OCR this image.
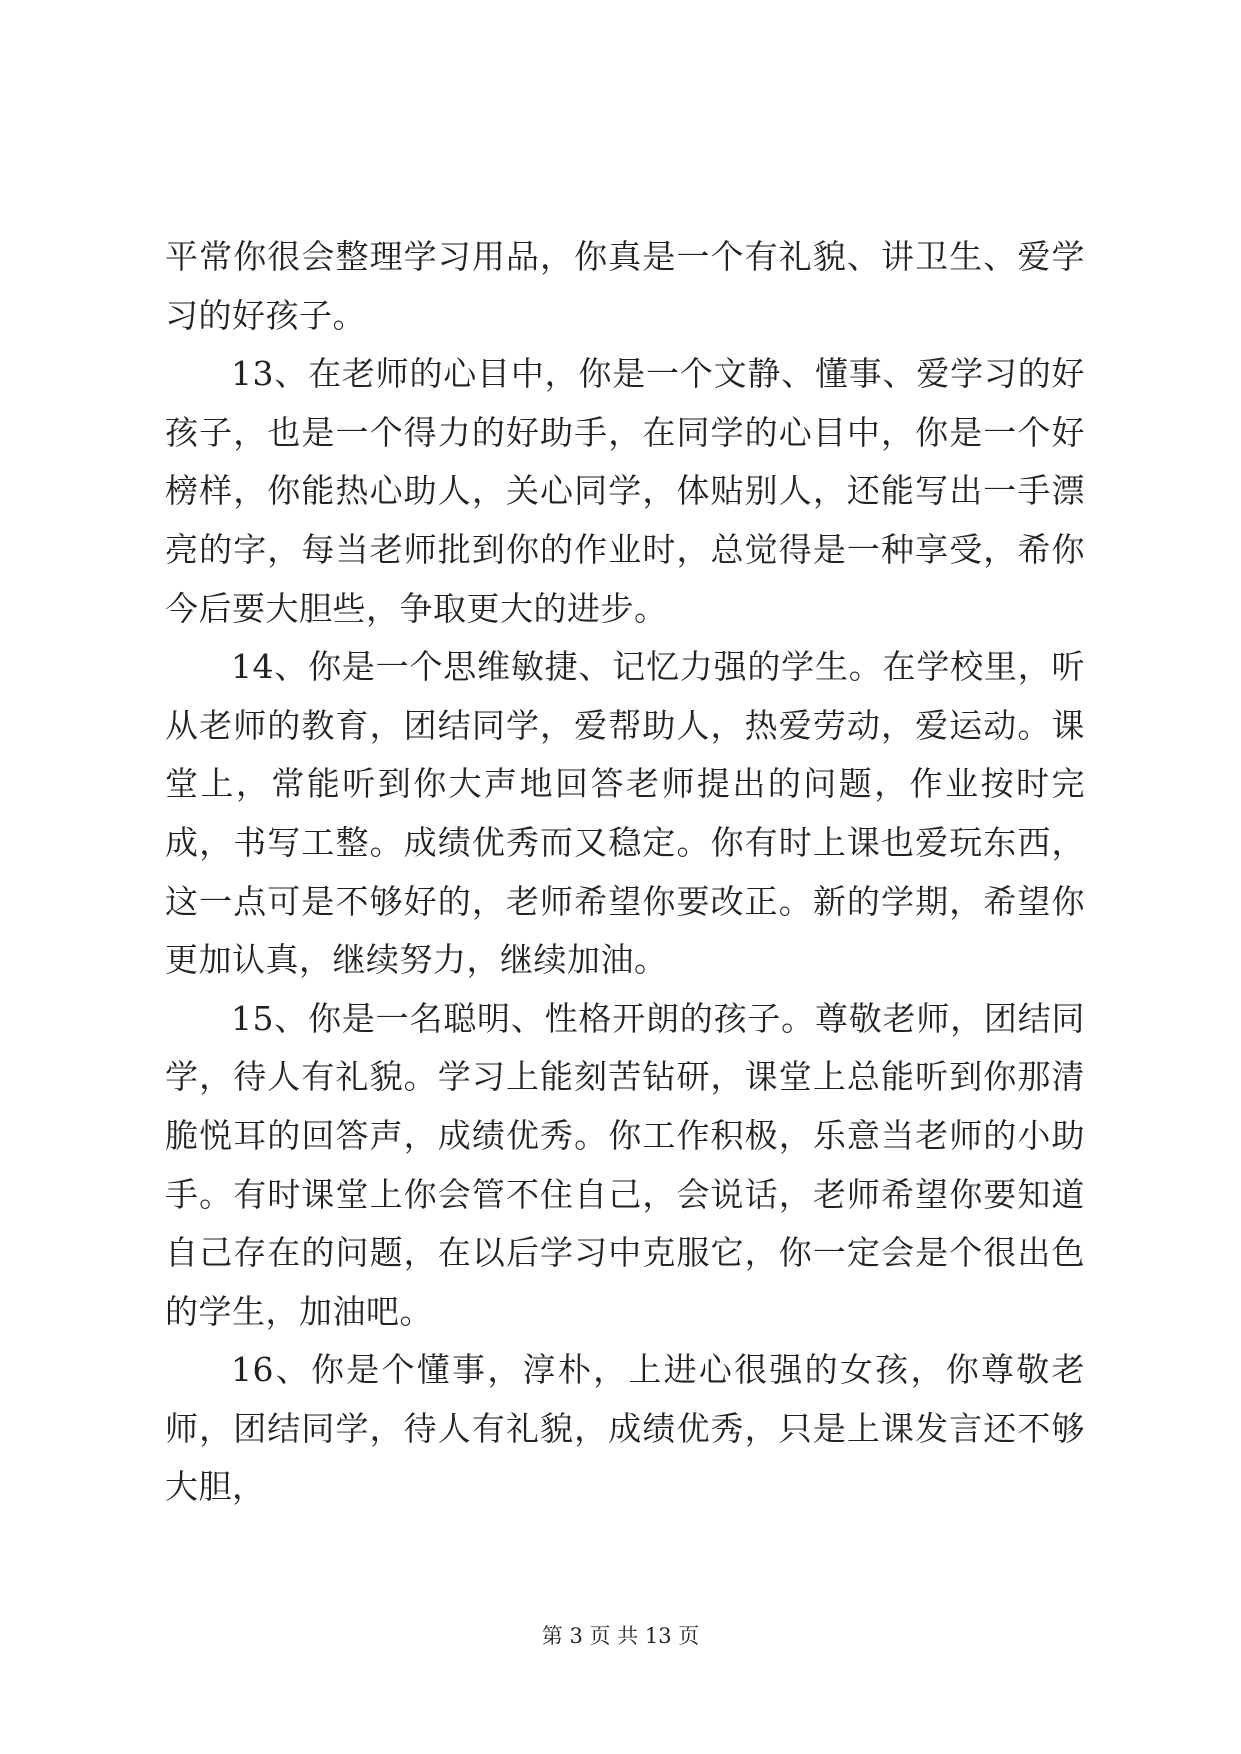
平常你很会整理学习用品，你真是一个有礼貌、讲卫生、爱学习的好孩子。

13、在老师的心目中，你是一个文静、懂事、爱学习的好孩子，也是一个得力的好助手，在同学的心目中，你是一个好榜样，你能热心助人，关心同学，体贴别人，还能写出一手漂亮的字，每当老师批到你的作业时，总觉得是一种享受，希你今后要大胆些，争取更大的进步。

14、你是一个思维敏捷、记忆力强的学生。在学校里，听从老师的教育，团结同学，爱帮助人，热爱劳动，爱运动。课堂上，常能听到你大声地回答老师提出的问题，作业按时完成，书写工整。成绩优秀而又稳定。你有时上课也爱玩东西，这一点可是不够好的，老师希望你要改正。新的学期，希望你更加认真，继续努力，继续加油。

15、你是一名聪明、性格开朗的孩子。尊敬老师，团结同学，待人有礼貌。学习上能刻苦钻研，课堂上总能听到你那清脆悦耳的回答声，成绩优秀。你工作积极，乐意当老师的小助手。有时课堂上你会管不住自己，会说话，老师希望你要知道自己存在的问题，在以后学习中克服它，你一定会是个很出色的学生，加油吧。

16、你是个懂事，淳朴，上进心很强的女孩，你尊敬老师，团结同学，待人有礼貌，成绩优秀，只是上课发言还不够大胆，

第 3 页 共 13 页
